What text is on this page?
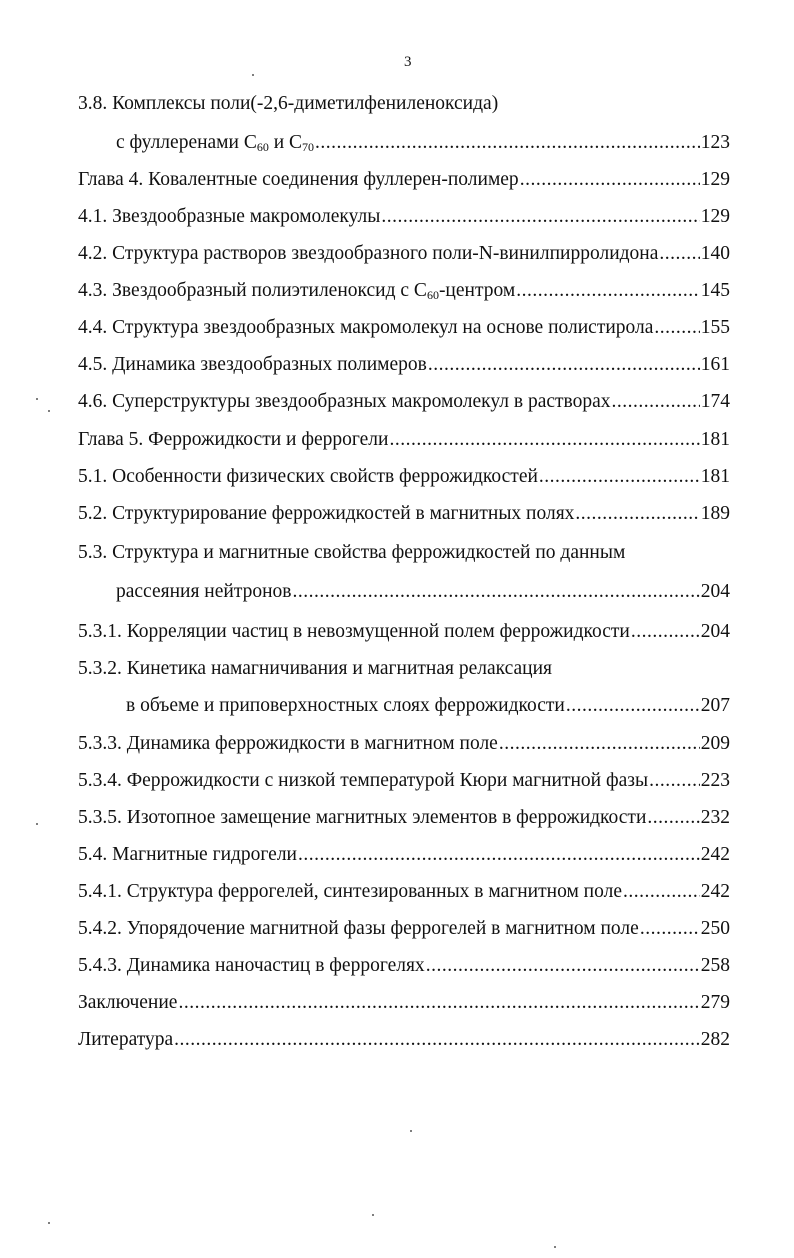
3
3.8. Комплексы поли(-2,6-диметилфениленоксида)
с фуллеренами $С_{60}$ и $С_{70}$ .....	123
Глава 4. Ковалентные соединения фуллерен-полимер .....	129
4.1. Звездообразные макромолекулы .....	129
4.2. Структура растворов звездообразного поли-N-винилпирролидона ..... 140
4.3. Звездообразный полиэтиленоксид с $С_{60}$-центром .....	145
4.4. Структура звездообразных макромолекул на основе полистирола ..... 155
4.5. Динамика звездообразных полимеров .....	161
4.6. Суперструктуры звездообразных макромолекул в растворах .....	174
Глава 5. Феррожидкости и феррогели .....	181
5.1. Особенности физических свойств феррожидкостей .....	181
5.2. Структурирование феррожидкостей в магнитных полях .....	189
5.3. Структура и магнитные свойства феррожидкостей по данным
рассеяния нейтронов .....	204
5.3.1. Корреляции частиц в невозмущенной полем феррожидкости .....	204
5.3.2. Кинетика намагничивания и магнитная релаксация
в объеме и приповерхностных слоях феррожидкости .....	207
5.3.3. Динамика феррожидкости в магнитном поле .....	209
5.3.4. Феррожидкости с низкой температурой Кюри магнитной фазы .....	223
5.3.5. Изотопное замещение магнитных элементов в феррожидкости .....	232
5.4. Магнитные гидрогели .....	242
5.4.1. Структура феррогелей, синтезированных в магнитном поле .....	242
5.4.2. Упорядочение магнитной фазы феррогелей в магнитном поле .....	250
5.4.3. Динамика наночастиц в феррогелях .....	258
Заключение .....	279
Литература .....	282
